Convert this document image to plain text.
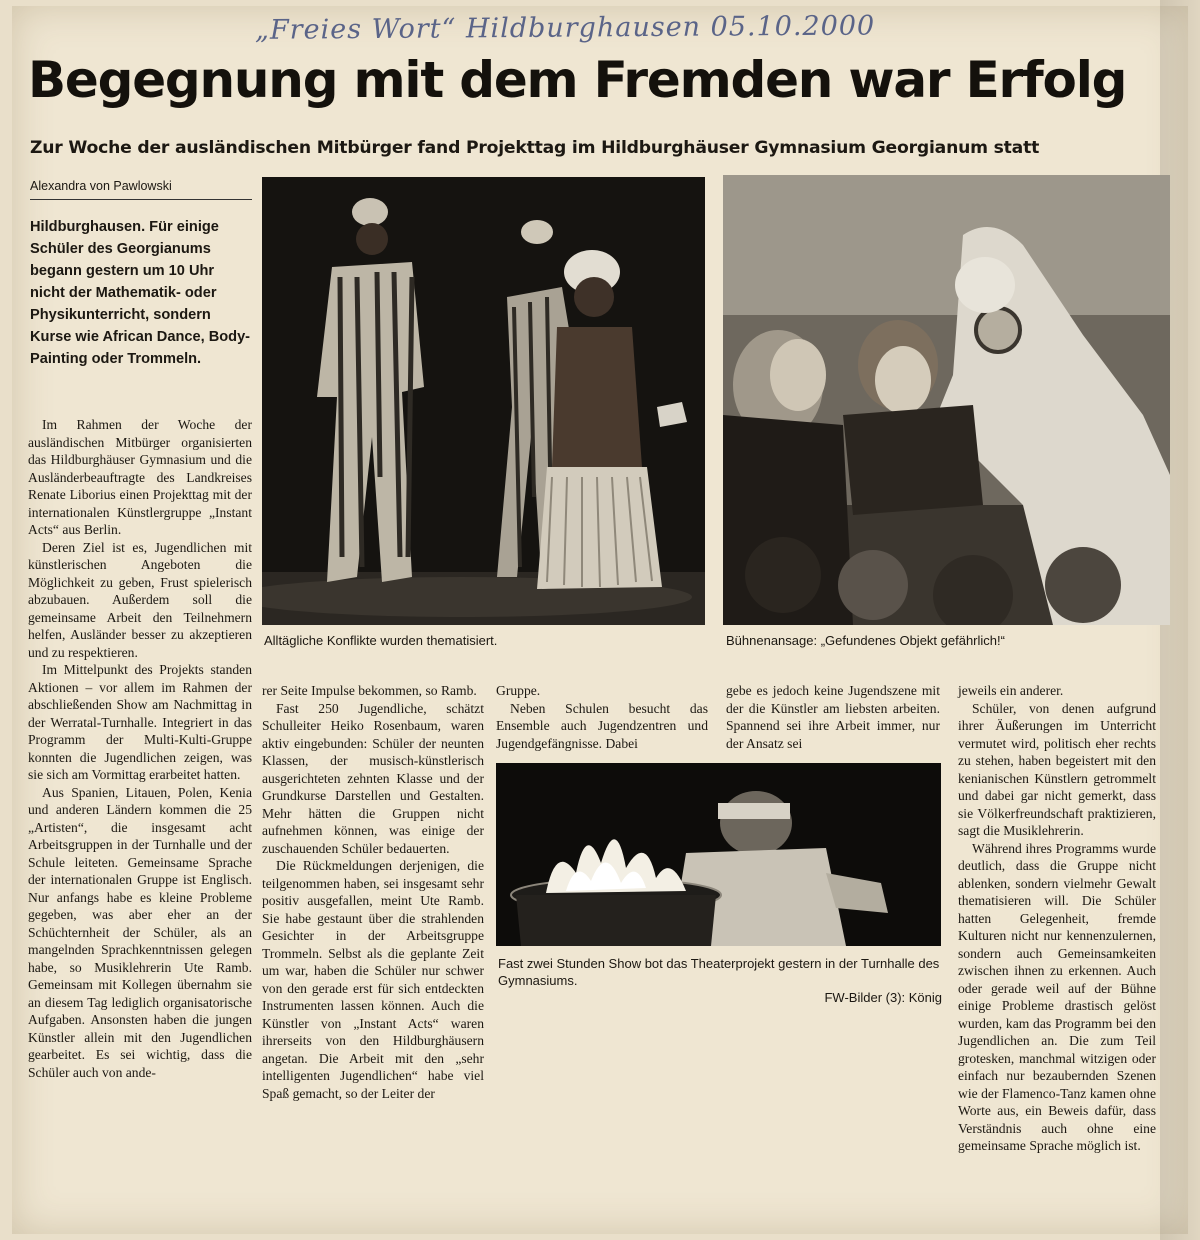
„Freies Wort“ Hildburghausen 05.10.2000
Begegnung mit dem Fremden war Erfolg
Zur Woche der ausländischen Mitbürger fand Projekttag im Hildburghäuser Gymnasium Georgianum statt
Alexandra von Pawlowski

Hildburghausen. Für einige Schüler des Georgianums begann gestern um 10 Uhr nicht der Mathematik- oder Physikunterricht, sondern Kurse wie African Dance, Body-Painting oder Trommeln.

Alltägliche Konflikte wurden thematisiert.	Bühnenansage: „Gefundenes Objekt gefährlich!“
Fast zwei Stunden Show bot das Theaterprojekt gestern in der Turnhalle des Gymnasiums.
FW-Bilder (3): König

Im Rahmen der Woche der ausländischen Mitbürger organisierten das Hildburghäuser Gymnasium und die Ausländerbeauftragte des Landkreises Renate Liborius einen Projekttag mit der internationalen Künstlergruppe „Instant Acts“ aus Berlin.

Deren Ziel ist es, Jugendlichen mit künstlerischen Angeboten die Möglichkeit zu geben, Frust spielerisch abzubauen. Außerdem soll die gemeinsame Arbeit den Teilnehmern helfen, Ausländer besser zu akzeptieren und zu respektieren.

Im Mittelpunkt des Projekts standen Aktionen – vor allem im Rahmen der abschließenden Show am Nachmittag in der Werratal-Turnhalle. Integriert in das Programm der Multi-Kulti-Gruppe konnten die Jugendlichen zeigen, was sie sich am Vormittag erarbeitet hatten.

Aus Spanien, Litauen, Polen, Kenia und anderen Ländern kommen die 25 „Artisten“, die insgesamt acht Arbeitsgruppen in der Turnhalle und der Schule leiteten. Gemeinsame Sprache der internationalen Gruppe ist Englisch. Nur anfangs habe es kleine Probleme gegeben, was aber eher an der Schüchternheit der Schüler, als an mangelnden Sprachkenntnissen gelegen habe, so Musiklehrerin Ute Ramb. Gemeinsam mit Kollegen übernahm sie an diesem Tag lediglich organisatorische Aufgaben. Ansonsten haben die jungen Künstler allein mit den Jugendlichen gearbeitet. Es sei wichtig, dass die Schüler auch von ande-

rer Seite Impulse bekommen, so Ramb.

Fast 250 Jugendliche, schätzt Schulleiter Heiko Rosenbaum, waren aktiv eingebunden: Schüler der neunten Klassen, der musisch-künstlerisch ausgerichteten zehnten Klasse und der Grundkurse Darstellen und Gestalten. Mehr hätten die Gruppen nicht aufnehmen können, was einige der zuschauenden Schüler bedauerten.

Die Rückmeldungen derjenigen, die teilgenommen haben, sei insgesamt sehr positiv ausgefallen, meint Ute Ramb. Sie habe gestaunt über die strahlenden Gesichter in der Arbeitsgruppe Trommeln. Selbst als die geplante Zeit um war, haben die Schüler nur schwer von den gerade erst für sich entdeckten Instrumenten lassen können. Auch die Künstler von „Instant Acts“ waren ihrerseits von den Hildburghäusern angetan. Die Arbeit mit den „sehr intelligenten Jugendlichen“ habe viel Spaß gemacht, so der Leiter der

Gruppe.

Neben Schulen besucht das Ensemble auch Jugendzentren und Jugendgefängnisse. Dabei

gebe es jedoch keine Jugendszene mit der die Künstler am liebsten arbeiten. Spannend sei ihre Arbeit immer, nur der Ansatz sei

jeweils ein anderer.

Schüler, von denen aufgrund ihrer Äußerungen im Unterricht vermutet wird, politisch eher rechts zu stehen, haben begeistert mit den kenianischen Künstlern getrommelt und dabei gar nicht gemerkt, dass sie Völkerfreundschaft praktizieren, sagt die Musiklehrerin.

Während ihres Programms wurde deutlich, dass die Gruppe nicht ablenken, sondern vielmehr Gewalt thematisieren will. Die Schüler hatten Gelegenheit, fremde Kulturen nicht nur kennenzulernen, sondern auch Gemeinsamkeiten zwischen ihnen zu erkennen. Auch oder gerade weil auf der Bühne einige Probleme drastisch gelöst wurden, kam das Programm bei den Jugendlichen an. Die zum Teil grotesken, manchmal witzigen oder einfach nur bezaubernden Szenen wie der Flamenco-Tanz kamen ohne Worte aus, ein Beweis dafür, dass Verständnis auch ohne eine gemeinsame Sprache möglich ist.
